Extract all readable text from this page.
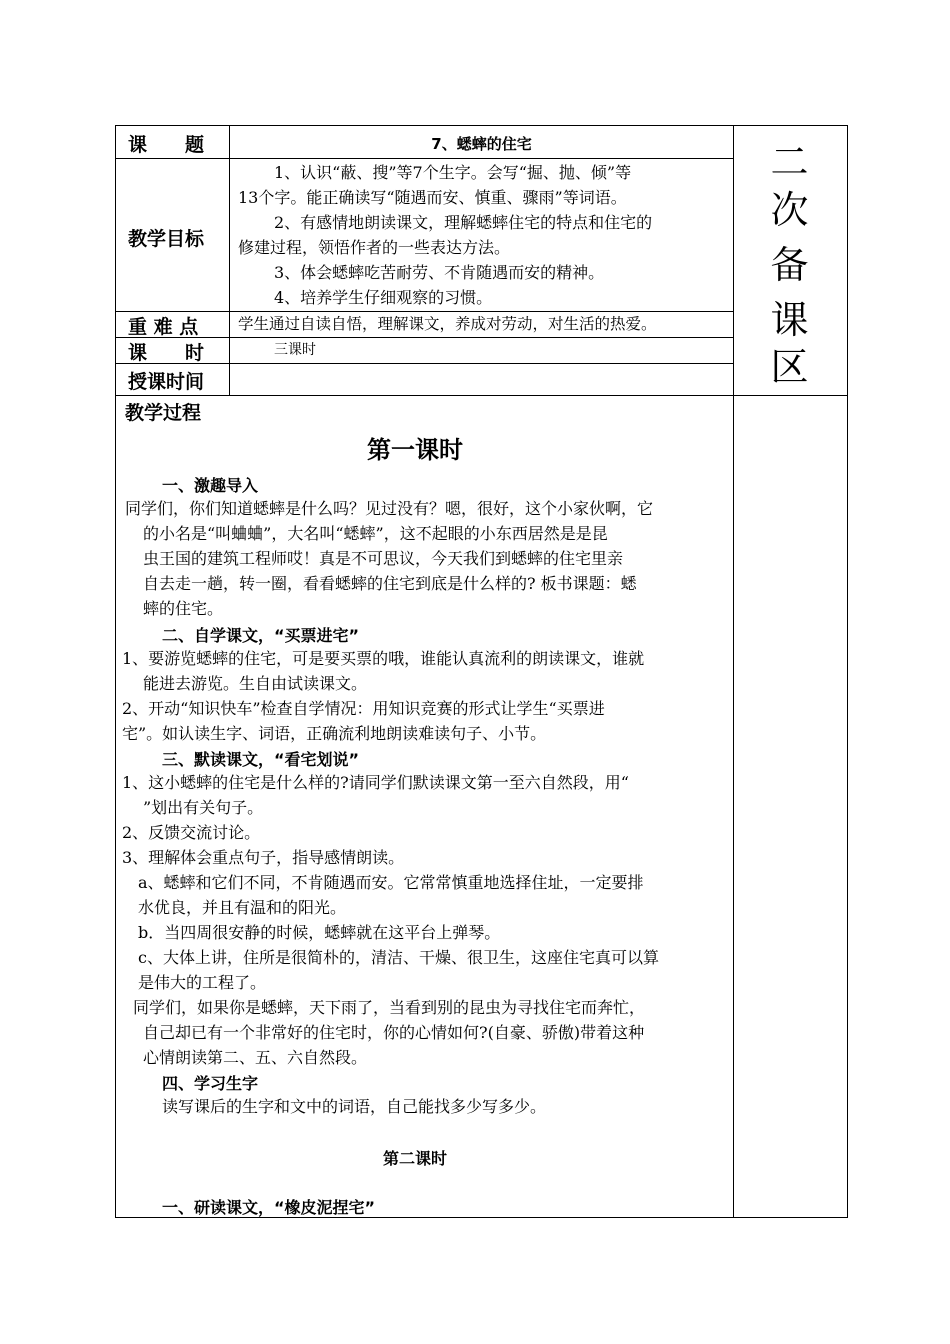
课　　题
教学目标
重 难 点
课　　时
授课时间
7、蟋蟀的住宅
1、认识“蔽、搜”等7个生字。会写“掘、抛、倾”等
13个字。能正确读写“随遇而安、慎重、骤雨”等词语。
2、有感情地朗读课文，理解蟋蟀住宅的特点和住宅的
修建过程，领悟作者的一些表达方法。
3、体会蟋蟀吃苦耐劳、不肯随遇而安的精神。
4、培养学生仔细观察的习惯。
学生通过自读自悟，理解课文，养成对劳动，对生活的热爱。
三课时
二
次
备
课
区
教学过程
第一课时
一、激趣导入
同学们，你们知道蟋蟀是什么吗？见过没有？嗯，很好，这个小家伙啊，它
的小名是“叫蛐蛐”，大名叫“蟋蟀”，这不起眼的小东西居然是是昆
虫王国的建筑工程师哎！真是不可思议，今天我们到蟋蟀的住宅里亲
自去走一趟，转一圈，看看蟋蟀的住宅到底是什么样的? 板书课题：蟋
蟀的住宅。
二、自学课文，“买票进宅”
1、要游览蟋蟀的住宅，可是要买票的哦，谁能认真流利的朗读课文，谁就
能进去游览。生自由试读课文。
2、开动“知识快车”检查自学情况：用知识竞赛的形式让学生“买票进
宅”。如认读生字、词语，正确流利地朗读难读句子、小节。
三、默读课文，“看宅划说”
1、这小蟋蟀的住宅是什么样的?请同学们默读课文第一至六自然段，用“
”划出有关句子。
2、反馈交流讨论。
3、理解体会重点句子，指导感情朗读。
a、蟋蟀和它们不同，不肯随遇而安。它常常慎重地选择住址，一定要排
水优良，并且有温和的阳光。
b．当四周很安静的时候，蟋蟀就在这平台上弹琴。
c、大体上讲，住所是很简朴的，清洁、干燥、很卫生，这座住宅真可以算
是伟大的工程了。
同学们，如果你是蟋蟀，天下雨了，当看到别的昆虫为寻找住宅而奔忙，
自己却已有一个非常好的住宅时，你的心情如何?(自豪、骄傲)带着这种
心情朗读第二、五、六自然段。
四、学习生字
读写课后的生字和文中的词语，自己能找多少写多少。
第二课时
一、研读课文，“橡皮泥捏宅”
